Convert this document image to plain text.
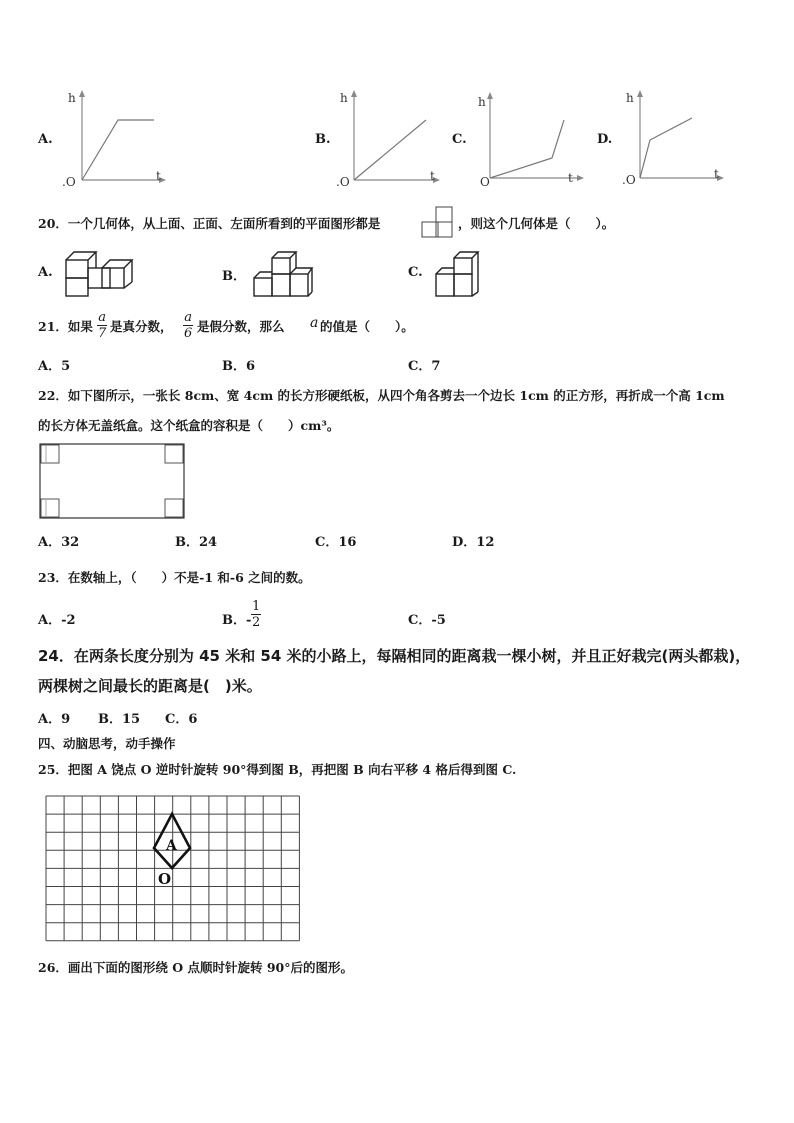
A.
h
t
.O
B.
h
t
.O
C.
h
t
O
D.
h
t
.O
20．一个几何体，从上面、正面、左面所看到的平面图形都是	，则这个几何体是（　　）。
A.	B．	C.
21．如果 $\frac{a}{7}$ 是真分数， $\frac{a}{6}$ 是假分数，那么 a 的值是（　　）。
A．5	B．6	C．7
22．如下图所示，一张长 8cm、宽 4cm 的长方形硬纸板，从四个角各剪去一个边长 1cm 的正方形，再折成一个高 1cm
的长方体无盖纸盒。这个纸盒的容积是（　　）cm³。
A．32	B．24	C．16	D．12
23．在数轴上，（　　）不是-1 和-6 之间的数。
A．-2	B．- $\frac{1}{2}$	C．-5
24．在两条长度分别为 45 米和 54 米的小路上，每隔相同的距离栽一棵小树，并且正好栽完(两头都栽)，
两棵树之间最长的距离是(　)米。
A．9 B．15 C．6
四、动脑思考，动手操作
25．把图 A 饶点 O 逆时针旋转 90°得到图 B，再把图 B 向右平移 4 格后得到图 C.
A
O
26．画出下面的图形绕 O 点顺时针旋转 90°后的图形。
